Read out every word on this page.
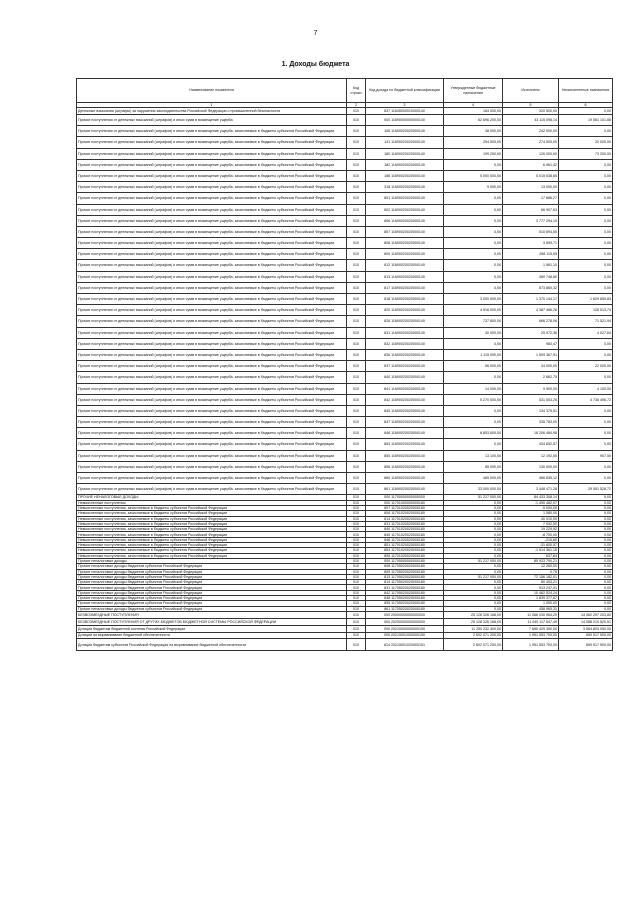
7
1. Доходы бюджета
Наименование показателя	Код строки	Код дохода по бюджетной классификации	Утвержденные бюджетные назначения	Исполнено	Неисполненные назначения
1	2	3	4	5	6
Денежные взыскания (штрафы) за нарушения законодательства Российской Федерации о промышленной безопасности	010	837 11645000010000140	184 000,00	320 500,00	0,00
Прочие поступления от денежных взысканий (штрафов) и иных сумм в возмещение ущерба	010	000 11690000000000140	62 696 200,00	43 115 098,14	19 581 101,86
Прочие поступления от денежных взысканий (штрафов) и иных сумм в возмещение ущерба, зачисляемые в бюджеты субъектов Российской Федерации	010	106 11690020020000140	38 000,00	242 000,00	0,00
Прочие поступления от денежных взысканий (штрафов) и иных сумм в возмещение ущерба, зачисляемые в бюджеты субъектов Российской Федерации	010	141 11690020020000140	294 500,00	274 500,00	20 000,00
Прочие поступления от денежных взысканий (штрафов) и иных сумм в возмещение ущерба, зачисляемые в бюджеты субъектов Российской Федерации	010	180 11690020020000140	199 200,00	126 000,00	73 200,00
Прочие поступления от денежных взысканий (штрафов) и иных сумм в возмещение ущерба, зачисляемые в бюджеты субъектов Российской Федерации	010	182 11690020020000140	0,00	6 961,42	0,00
Прочие поступления от денежных взысканий (штрафов) и иных сумм в возмещение ущерба, зачисляемые в бюджеты субъектов Российской Федерации	010	188 11690020020000140	5 000 000,00	5 015 538,85	0,00
Прочие поступления от денежных взысканий (штрафов) и иных сумм в возмещение ущерба, зачисляемые в бюджеты субъектов Российской Федерации	010	318 11690020020000140	9 000,00	13 000,00	0,00
Прочие поступления от денежных взысканий (штрафов) и иных сумм в возмещение ущерба, зачисляемые в бюджеты субъектов Российской Федерации	010	801 11690020020000140	0,00	17 686,27	0,00
Прочие поступления от денежных взысканий (штрафов) и иных сумм в возмещение ущерба, зачисляемые в бюджеты субъектов Российской Федерации	010	802 11690020020000140	0,00	66 907,63	0,00
Прочие поступления от денежных взысканий (штрафов) и иных сумм в возмещение ущерба, зачисляемые в бюджеты субъектов Российской Федерации	010	806 11690020020000140	0,00	3 777 294,19	0,00
Прочие поступления от денежных взысканий (штрафов) и иных сумм в возмещение ущерба, зачисляемые в бюджеты субъектов Российской Федерации	010	807 11690020020000140	0,00	510 694,50	0,00
Прочие поступления от денежных взысканий (штрафов) и иных сумм в возмещение ущерба, зачисляемые в бюджеты субъектов Российской Федерации	010	808 11690020020000140	0,00	3 599,71	0,00
Прочие поступления от денежных взысканий (штрафов) и иных сумм в возмещение ущерба, зачисляемые в бюджеты субъектов Российской Федерации	010	809 11690020020000140	0,00	288 115,95	0,00
Прочие поступления от денежных взысканий (штрафов) и иных сумм в возмещение ущерба, зачисляемые в бюджеты субъектов Российской Федерации	010	812 11690020020000140	0,00	1 981,10	0,00
Прочие поступления от денежных взысканий (штрафов) и иных сумм в возмещение ущерба, зачисляемые в бюджеты субъектов Российской Федерации	010	813 11690020020000140	0,00	489 748,60	0,00
Прочие поступления от денежных взысканий (штрафов) и иных сумм в возмещение ущерба, зачисляемые в бюджеты субъектов Российской Федерации	010	817 11690020020000140	0,00	573 860,32	0,00
Прочие поступления от денежных взысканий (штрафов) и иных сумм в возмещение ущерба, зачисляемые в бюджеты субъектов Российской Федерации	010	818 11690020020000140	3 000 000,00	1 370 144,17	1 629 855,83
Прочие поступления от денежных взысканий (штрафов) и иных сумм в возмещение ущерба, зачисляемые в бюджеты субъектов Российской Федерации	010	820 11690020020000140	4 516 000,00	4 387 486,26	128 513,74
Прочие поступления от денежных взысканий (штрафов) и иных сумм в возмещение ущерба, зачисляемые в бюджеты субъектов Российской Федерации	010	826 11690020020000140	737 800,00	666 278,06	71 521,94
Прочие поступления от денежных взысканий (штрафов) и иных сумм в возмещение ущерба, зачисляемые в бюджеты субъектов Российской Федерации	010	831 11690020020000140	30 000,00	25 972,36	4 027,64
Прочие поступления от денежных взысканий (штрафов) и иных сумм в возмещение ущерба, зачисляемые в бюджеты субъектов Российской Федерации	010	832 11690020020000140	0,00	983,47	0,00
Прочие поступления от денежных взысканий (штрафов) и иных сумм в возмещение ущерба, зачисляемые в бюджеты субъектов Российской Федерации	010	836 11690020020000140	1 115 000,00	1 509 367,91	0,00
Прочие поступления от денежных взысканий (штрафов) и иных сумм в возмещение ущерба, зачисляемые в бюджеты субъектов Российской Федерации	010	837 11690020020000140	56 000,00	34 000,00	22 000,00
Прочие поступления от денежных взысканий (штрафов) и иных сумм в возмещение ущерба, зачисляемые в бюджеты субъектов Российской Федерации	010	840 11690020020000140	0,00	2 662,75	0,00
Прочие поступления от денежных взысканий (штрафов) и иных сумм в возмещение ущерба, зачисляемые в бюджеты субъектов Российской Федерации	010	841 11690020020000140	14 000,00	9 900,00	4 100,00
Прочие поступления от денежных взысканий (штрафов) и иных сумм в возмещение ущерба, зачисляемые в бюджеты субъектов Российской Федерации	010	842 11690020020000140	5 270 000,00	531 503,28	4 738 496,72
Прочие поступления от денежных взысканий (штрафов) и иных сумм в возмещение ущерба, зачисляемые в бюджеты субъектов Российской Федерации	010	845 11690020020000140	0,00	134 379,51	0,00
Прочие поступления от денежных взысканий (штрафов) и иных сумм в возмещение ущерба, зачисляемые в бюджеты субъектов Российской Федерации	010	847 11690020020000140	0,00	335 783,00	0,00
Прочие поступления от денежных взысканий (штрафов) и иных сумм в возмещение ущерба, зачисляемые в бюджеты субъектов Российской Федерации	010	848 11690020020000140	8 853 600,00	18 206 484,98	0,00
Прочие поступления от денежных взысканий (штрафов) и иных сумм в возмещение ущерба, зачисляемые в бюджеты субъектов Российской Федерации	010	853 11690020020000140	0,00	434 652,57	0,00
Прочие поступления от денежных взысканий (штрафов) и иных сумм в возмещение ущерба, зачисляемые в бюджеты субъектов Российской Федерации	010	855 11690020020000140	13 100,00	12 192,50	907,50
Прочие поступления от денежных взысканий (штрафов) и иных сумм в возмещение ущерба, зачисляемые в бюджеты субъектов Российской Федерации	010	856 11690020020000140	85 000,00	130 000,00	0,00
Прочие поступления от денежных взысканий (штрафов) и иных сумм в возмещение ущерба, зачисляемые в бюджеты субъектов Российской Федерации	010	860 11690020020000140	465 000,00	466 835,12	0,00
Прочие поступления от денежных взысканий (штрафов) и иных сумм в возмещение ущерба, зачисляемые в бюджеты субъектов Российской Федерации	010	861 11690020020000140	33 000 000,00	3 448 471,28	29 551 528,72
ПРОЧИЕ НЕНАЛОГОВЫЕ ДОХОДЫ	010	000 11700000000000000	51 217 000,00	84 433 308,14	0,00
Невыясненные поступления	010	000 11701000000000180	0,00	-1 490 482,07	0,00
Невыясненные поступления, зачисляемые в бюджеты субъектов Российской Федерации	010	807 11701020020000180	0,00	-5 000,00	0,00
Невыясненные поступления, зачисляемые в бюджеты субъектов Российской Федерации	010	808 11701020020000180	0,00	1 580,00	0,00
Невыясненные поступления, зачисляемые в бюджеты субъектов Российской Федерации	010	814 11701020020000180	0,00	40 010,00	0,00
Невыясненные поступления, зачисляемые в бюджеты субъектов Российской Федерации	010	831 11701020020000180	0,00	7 932,50	0,00
Невыясненные поступления, зачисляемые в бюджеты субъектов Российской Федерации	010	840 11701020020000180	0,00	19 229,92	0,00
Невыясненные поступления, зачисляемые в бюджеты субъектов Российской Федерации	010	845 11701020020000180	0,00	-8 700,00	0,00
Невыясненные поступления, зачисляемые в бюджеты субъектов Российской Федерации	010	848 11701020020000180	0,00	-216,60	0,00
Невыясненные поступления, зачисляемые в бюджеты субъектов Российской Федерации	010	851 11701020020000180	0,00	-31 600,57	0,00
Невыясненные поступления, зачисляемые в бюджеты субъектов Российской Федерации	010	853 11701020020000180	0,00	-1 514 361,16	0,00
Невыясненные поступления, зачисляемые в бюджеты субъектов Российской Федерации	010	855 11701020020000180	0,00	637,84	0,00
Прочие неналоговые доходы	010	000 11705000000000180	51 217 000,00	85 923 790,21	0,00
Прочие неналоговые доходы бюджетов субъектов Российской Федерации	010	808 11705020020000180	0,00	12 260,00	0,00
Прочие неналоговые доходы бюджетов субъектов Российской Федерации	010	809 11705020020000180	0,00	0,76	0,00
Прочие неналоговые доходы бюджетов субъектов Российской Федерации	010	813 11705020020000180	51 217 000,00	72 156 182,01	0,00
Прочие неналоговые доходы бюджетов субъектов Российской Федерации	010	814 11705020020000180	0,00	80 403,21	0,00
Прочие неналоговые доходы бюджетов субъектов Российской Федерации	010	831 11705020020000180	0,00	913 247,01	0,00
Прочие неналоговые доходы бюджетов субъектов Российской Федерации	010	842 11705020020000180	0,00	10 462 524,24	0,00
Прочие неналоговые доходы бюджетов субъектов Российской Федерации	010	848 11705020020000180	0,00	1 839 377,67	0,00
Прочие неналоговые доходы бюджетов субъектов Российской Федерации	010	855 11705020020000180	0,00	1 050,00	0,00
Прочие неналоговые доходы бюджетов субъектов Российской Федерации	010	861 11705020020000180	0,00	458 965,31	0,00
БЕЗВОЗМЕЗДНЫЕ ПОСТУПЛЕНИЯ	010	000 20000000000000000	25 128 326 168,00	11 066 030 964,20	14 062 297 203,80
БЕЗВОЗМЕЗДНЫЕ ПОСТУПЛЕНИЯ ОТ ДРУГИХ БЮДЖЕТОВ БЮДЖЕТНОЙ СИСТЕМЫ РОССИЙСКОЙ ФЕДЕРАЦИИ	010	000 20200000000000000	25 128 326 168,00	11 040 117 647,49	14 088 210 520,51
Дотации бюджетам бюджетной системы Российской Федерации	010	000 20210000000000150	11 250 232 400,00	7 685 429 350,00	3 564 803 050,00
Дотации на выравнивание бюджетной обеспеченности	010	000 20215001000000150	2 602 071 200,00	1 951 553 700,00	650 517 500,00
Дотации бюджетам субъектов Российской Федерации на выравнивание бюджетной обеспеченности	010	814 20215001020000151	2 602 071 200,00	1 951 553 700,00	650 517 500,00
